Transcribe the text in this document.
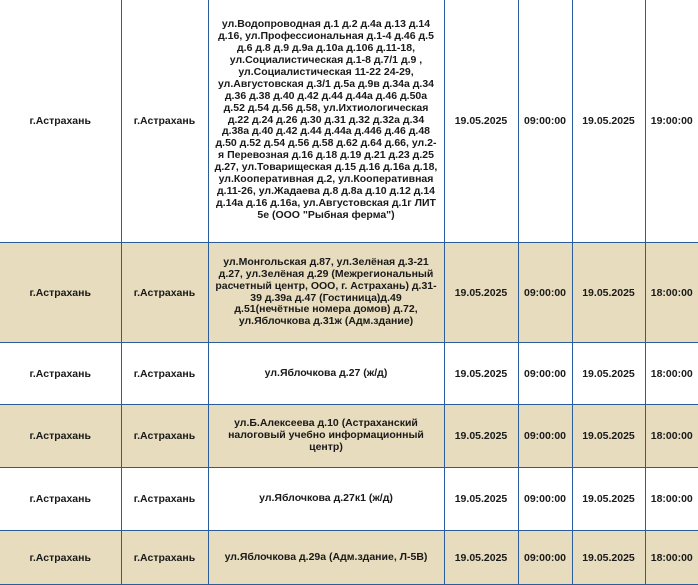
г.Астрахань	г.Астрахань	ул.Водопроводная д.1 д.2 д.4а д.13 д.14 д.16, ул.Профессиональная д.1-4 д.46 д.5 д.6 д.8 д.9 д.9а д.10а д.106 д.11-18, ул.Социалистическая д.1-8 д.7/1 д.9 , ул.Социалистическая 11-22 24-29, ул.Августовская д.3/1 д.5а д.9в д.34а д.34 д.36 д.38 д.40 д.42 д.44 д.44а д.46 д.50а д.52 д.54 д.56 д.58, ул.Ихтиологическая д.22 д.24 д.26 д.30 д.31 д.32 д.32а д.34 д.38а д.40 д.42 д.44 д.44а д.446 д.46 д.48 д.50 д.52 д.54 д.56 д.58 д.62 д.64 д.66, ул.2-я Перевозная д.16 д.18 д.19 д.21 д.23 д.25 д.27, ул.Товарищеская д.15 д.16 д.16а д.18, ул.Кооперативная д.2, ул.Кооперативная д.11-26, ул.Жадаева д.8 д.8а д.10 д.12 д.14 д.14а д.16 д.16а, ул.Августовская д.1г ЛИТ 5е (ООО "Рыбная ферма")	19.05.2025	09:00:00	19.05.2025	19:00:00
г.Астрахань	г.Астрахань	ул.Монгольская д.87, ул.Зелёная д.3-21 д.27, ул.Зелёная д.29 (Межрегиональный расчетный центр, ООО, г. Астрахань) д.31-39 д.39а д.47 (Гостиница)д.49 д.51(нечётные номера домов) д.72, ул.Яблочкова д.31ж (Адм.здание)	19.05.2025	09:00:00	19.05.2025	18:00:00
г.Астрахань	г.Астрахань	ул.Яблочкова д.27 (ж/д)	19.05.2025	09:00:00	19.05.2025	18:00:00
г.Астрахань	г.Астрахань	ул.Б.Алексеева д.10 (Астраханский налоговый учебно информационный центр)	19.05.2025	09:00:00	19.05.2025	18:00:00
г.Астрахань	г.Астрахань	ул.Яблочкова д.27к1 (ж/д)	19.05.2025	09:00:00	19.05.2025	18:00:00
г.Астрахань	г.Астрахань	ул.Яблочкова д.29а (Адм.здание, Л-5В)	19.05.2025	09:00:00	19.05.2025	18:00:00
